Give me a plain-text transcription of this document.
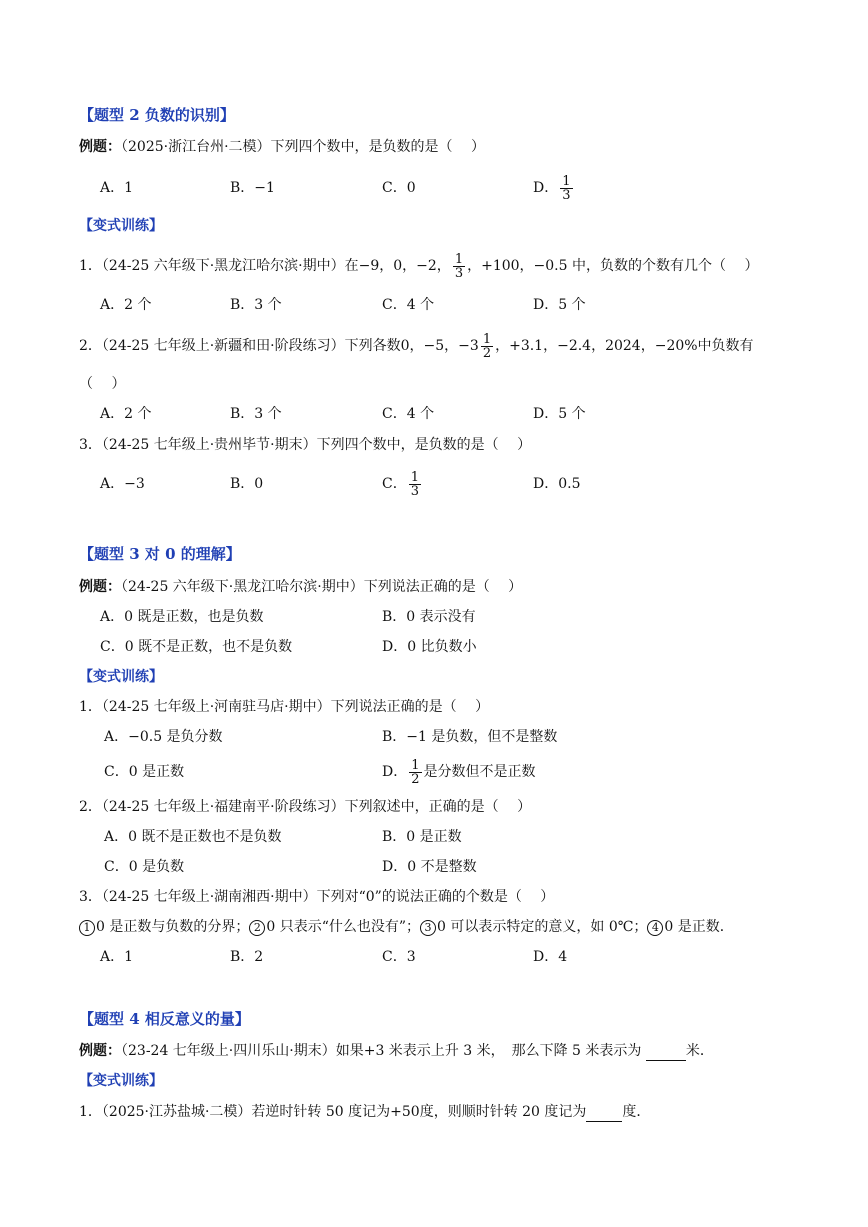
【题型 2 负数的识别】
例题：（2025·浙江台州·二模）下列四个数中，是负数的是（　 ）
A．1	B．−1	C．0	D． $\frac{1}{3}$
【变式训练】
1．（24-25 六年级下·黑龙江哈尔滨·期中）在−9，0，−2， $\frac{1}{3}$ ，+100，−0.5 中，负数的个数有几个（　 ）
A．2 个	B．3 个	C．4 个	D．5 个
2．（24-25 七年级上·新疆和田·阶段练习）下列各数0，−5，$-3 \frac{1}{2}$ ，+3.1，−2.4，2024，−20%中负数有
（　 ）
A．2 个	B．3 个	C．4 个	D．5 个
3．（24-25 七年级上·贵州毕节·期末）下列四个数中，是负数的是（　 ）
A．−3	B．0	C． $\frac{1}{3}$	D．0.5
【题型 3 对 0 的理解】
例题：（24-25 六年级下·黑龙江哈尔滨·期中）下列说法正确的是（　 ）
A．0 既是正数，也是负数	B．0 表示没有
C．0 既不是正数，也不是负数	D．0 比负数小
【变式训练】
1．（24-25 七年级上·河南驻马店·期中）下列说法正确的是（　 ）
A．−0.5 是负分数	B．−1 是负数，但不是整数
C．0 是正数	D． $\frac{1}{2}$ 是分数但不是正数
2．（24-25 七年级上·福建南平·阶段练习）下列叙述中，正确的是（　 ）
A．0 既不是正数也不是负数	B．0 是正数
C．0 是负数	D．0 不是整数
3．（24-25 七年级上·湖南湘西·期中）下列对“0”的说法正确的个数是（　 ）
1 0 是正数与负数的分界； 2 0 只表示“什么也没有”； 3 0 可以表示特定的意义，如 0℃； 4 0 是正数．
A．1	B．2	C．3	D．4
【题型 4 相反意义的量】
例题：（23-24 七年级上·四川乐山·期末）如果+3 米表示上升 3 米，　那么下降 5 米表示为	米．
【变式训练】
1．（2025·江苏盐城·二模）若逆时针转 50 度记为+50度，则顺时针转 20 度记为	度．
